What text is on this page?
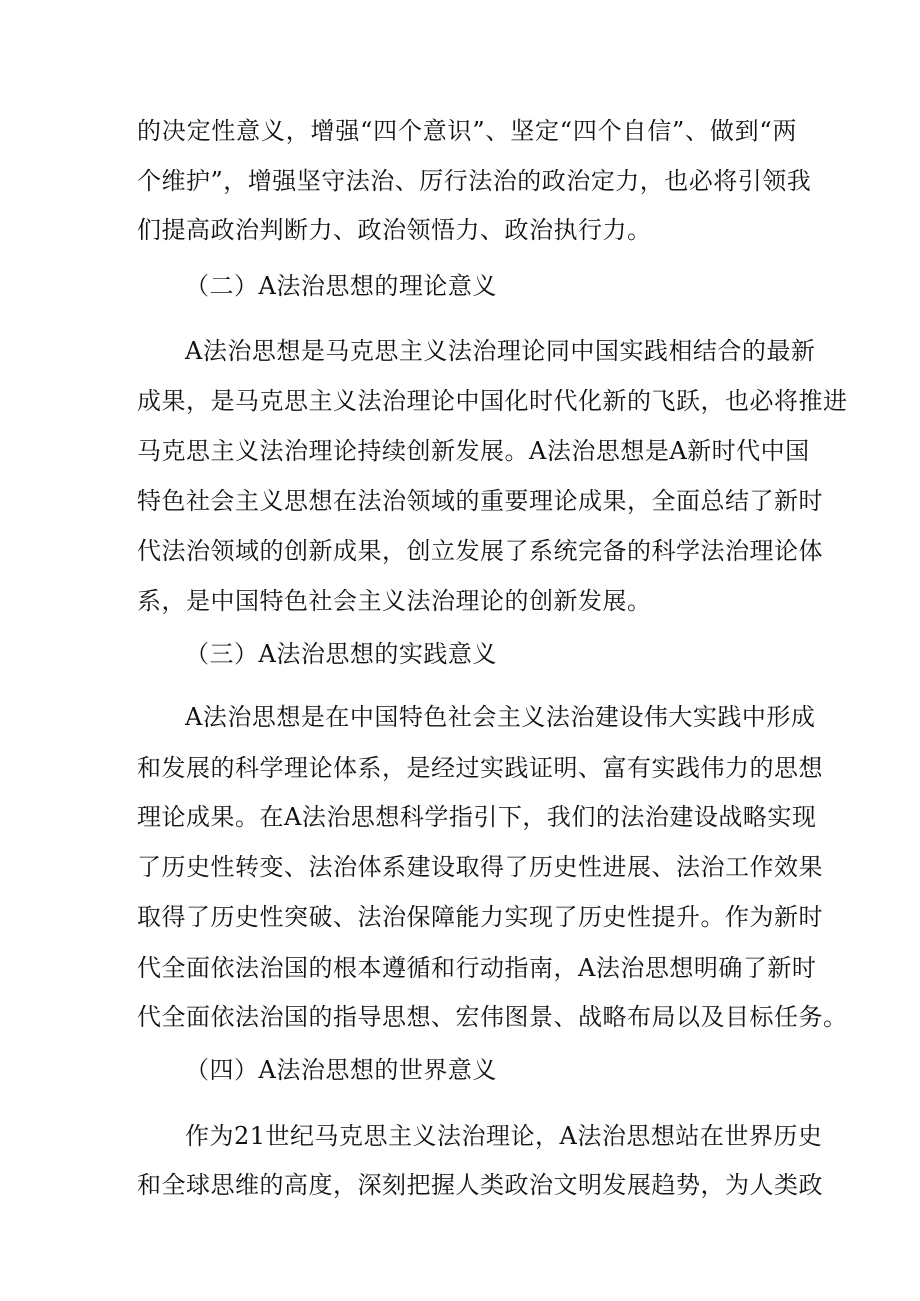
的决定性意义，增强“四个意识”、坚定“四个自信”、做到“两
个维护”，增强坚守法治、厉行法治的政治定力，也必将引领我
们提高政治判断力、政治领悟力、政治执行力。
（二）A法治思想的理论意义
A法治思想是马克思主义法治理论同中国实践相结合的最新
成果，是马克思主义法治理论中国化时代化新的飞跃，也必将推进
马克思主义法治理论持续创新发展。A法治思想是A新时代中国
特色社会主义思想在法治领域的重要理论成果，全面总结了新时
代法治领域的创新成果，创立发展了系统完备的科学法治理论体
系，是中国特色社会主义法治理论的创新发展。
（三）A法治思想的实践意义
A法治思想是在中国特色社会主义法治建设伟大实践中形成
和发展的科学理论体系，是经过实践证明、富有实践伟力的思想
理论成果。在A法治思想科学指引下，我们的法治建设战略实现
了历史性转变、法治体系建设取得了历史性进展、法治工作效果
取得了历史性突破、法治保障能力实现了历史性提升。作为新时
代全面依法治国的根本遵循和行动指南，A法治思想明确了新时
代全面依法治国的指导思想、宏伟图景、战略布局以及目标任务。
（四）A法治思想的世界意义
作为21世纪马克思主义法治理论，A法治思想站在世界历史
和全球思维的高度，深刻把握人类政治文明发展趋势，为人类政
